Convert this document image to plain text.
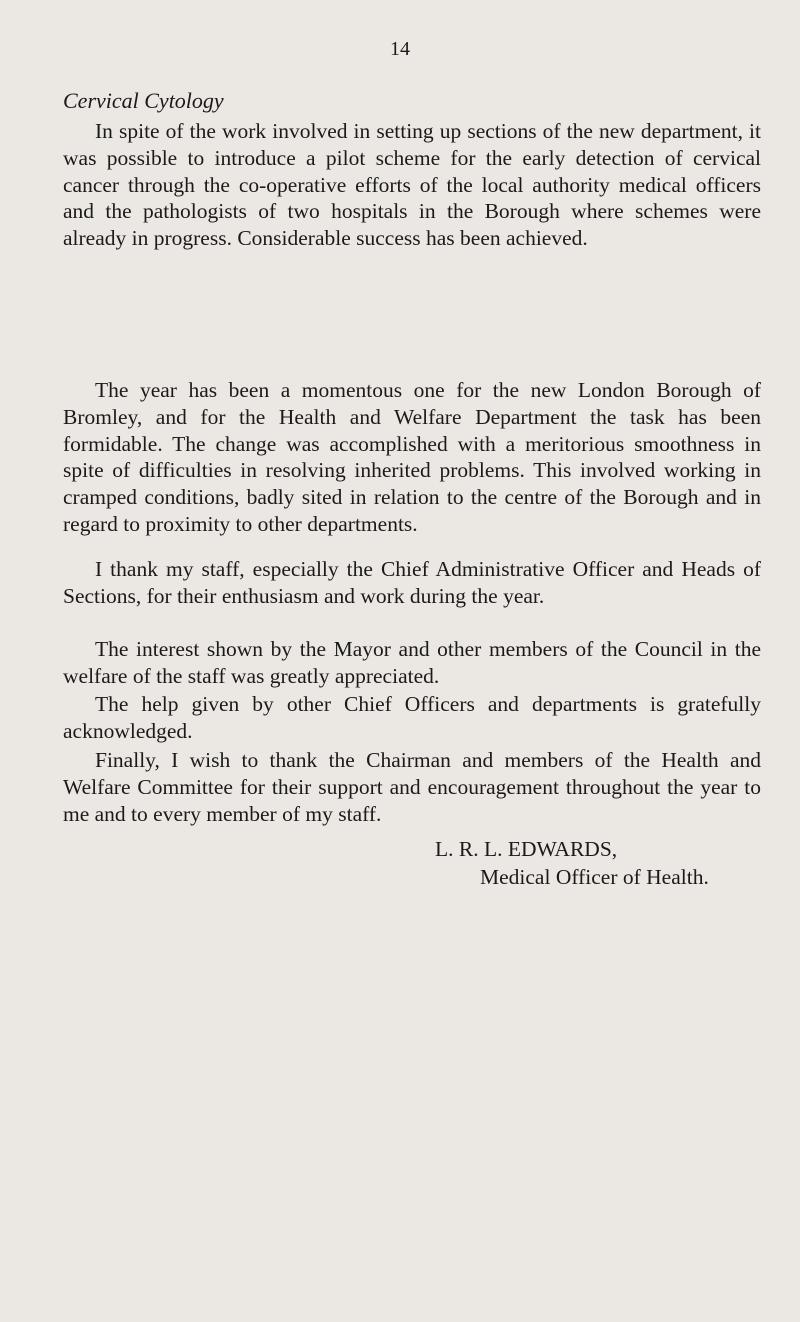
14
Cervical Cytology

In spite of the work involved in setting up sections of the new department, it was possible to introduce a pilot scheme for the early detection of cervical cancer through the co-operative efforts of the local authority medical officers and the pathologists of two hospitals in the Borough where schemes were already in progress. Considerable success has been achieved.

The year has been a momentous one for the new London Borough of Bromley, and for the Health and Welfare Department the task has been formidable. The change was accomplished with a meritorious smoothness in spite of difficulties in resolving inherited problems. This involved working in cramped conditions, badly sited in relation to the centre of the Borough and in regard to proximity to other departments.

I thank my staff, especially the Chief Administrative Officer and Heads of Sections, for their enthusiasm and work during the year.

The interest shown by the Mayor and other members of the Council in the welfare of the staff was greatly appreciated.

The help given by other Chief Officers and departments is gratefully acknowledged.

Finally, I wish to thank the Chairman and members of the Health and Welfare Committee for their support and encouragement throughout the year to me and to every member of my staff.

L. R. L. EDWARDS,
Medical Officer of Health.
